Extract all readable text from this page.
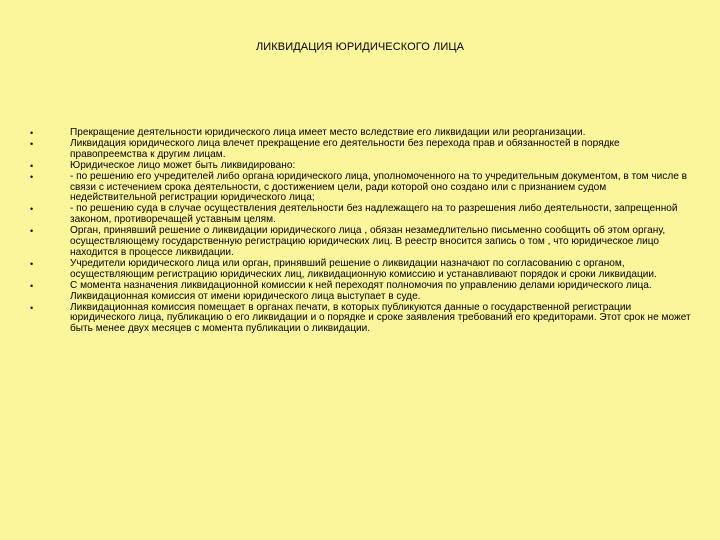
ЛИКВИДАЦИЯ ЮРИДИЧЕСКОГО ЛИЦА
•	Прекращение деятельности юридического лица имеет место вследствие его ликвидации или реорганизации.
•	Ликвидация юридического лица влечет прекращение его деятельности без перехода прав и обязанностей в порядке правопреемства к другим лицам.
•	Юридическое лицо может быть ликвидировано:
•	- по решению его учредителей либо органа юридического лица, уполномоченного на то учредительным документом, в том числе в связи с истечением срока деятельности, с достижением цели, ради которой оно создано или с признанием судом недействительной регистрации юридического лица;
•	- по решению суда в случае осуществления деятельности без надлежащего на то разрешения либо деятельности, запрещенной законом, противоречащей уставным целям.
•	Орган, принявший решение о ликвидации юридического лица , обязан незамедлительно письменно сообщить об этом органу, осуществляющему государственную регистрацию юридических лиц. В реестр вносится запись о том , что юридическое лицо находится в процессе ликвидации.
•	Учредители юридического лица или орган, принявший решение о ликвидации назначают по согласованию с органом, осуществляющим регистрацию юридических лиц, ликвидационную комиссию и устанавливают порядок и сроки ликвидации.
•	С момента назначения ликвидационной комиссии к ней переходят полномочия по управлению делами юридического лица. Ликвидационная комиссия от имени юридического лица выступает в суде.
•	Ликвидационная комиссия помещает в органах печати, в которых публикуются данные о государственной регистрации юридического лица, публикацию о его ликвидации и о порядке и сроке заявления требований его кредиторами. Этот срок не может быть менее двух месяцев с момента публикации о ликвидации.
